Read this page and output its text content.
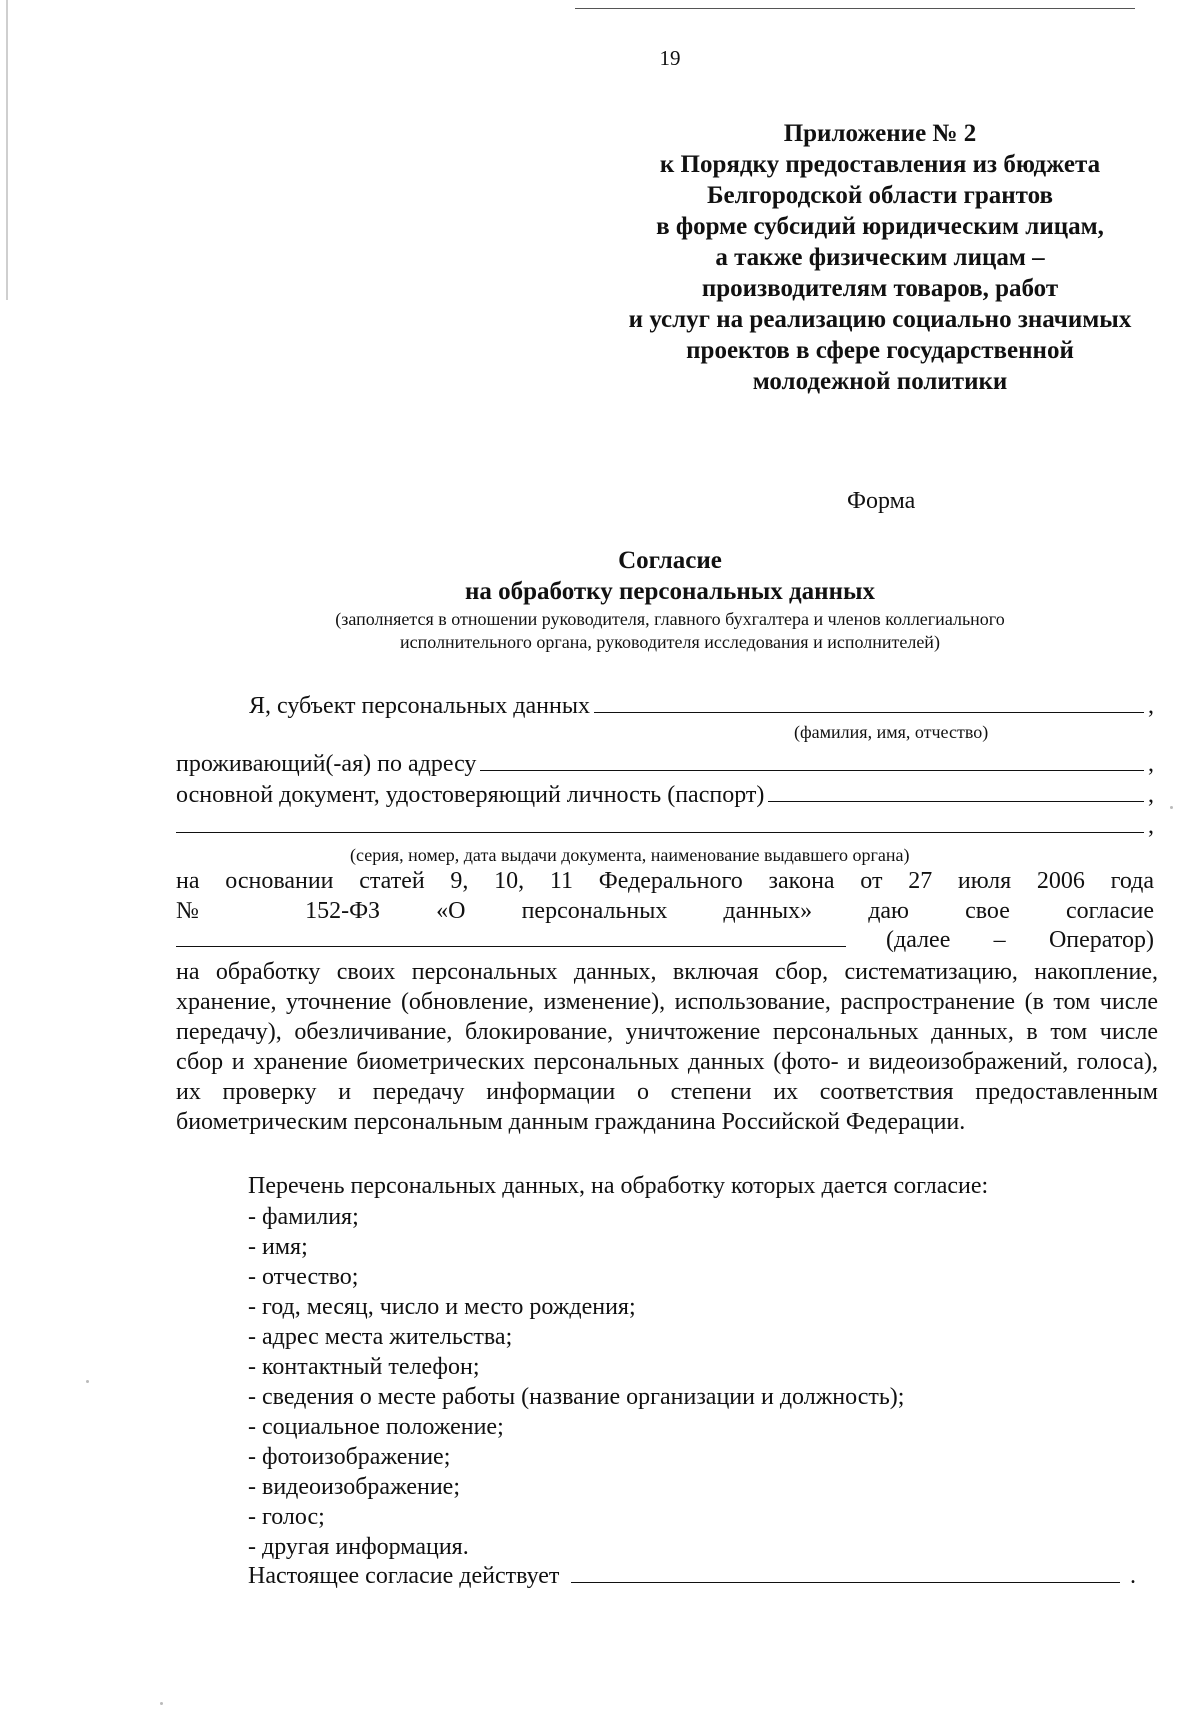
19
Приложение № 2
к Порядку предоставления из бюджета
Белгородской области грантов
в форме субсидий юридическим лицам,
а также физическим лицам –
производителям товаров, работ
и услуг на реализацию социально значимых
проектов в сфере государственной
молодежной политики
Форма
Согласие
на обработку персональных данных
(заполняется в отношении руководителя, главного бухгалтера и членов коллегиального
исполнительного органа, руководителя исследования и исполнителей)
Я, субъект персональных данных	,
(фамилия, имя, отчество)
проживающий(-ая) по адресу	,
основной документ, удостоверяющий личность (паспорт)	,
,
(серия, номер, дата выдачи документа, наименование выдавшего органа)
на основании статей 9, 10, 11 Федерального закона от 27 июля 2006 года
№ 152-ФЗ «О персональных данных» даю свое согласие
(далее – Оператор)
на обработку своих персональных данных, включая сбор, систематизацию, накопление, хранение, уточнение (обновление, изменение), использование, распространение (в том числе передачу), обезличивание, блокирование, уничтожение персональных данных, в том числе сбор и хранение биометрических персональных данных (фото- и видеоизображений, голоса), их проверку и передачу информации о степени их соответствия предоставленным биометрическим персональным данным гражданина Российской Федерации.
Перечень персональных данных, на обработку которых дается согласие:
- фамилия;
- имя;
- отчество;
- год, месяц, число и место рождения;
- адрес места жительства;
- контактный телефон;
- сведения о месте работы (название организации и должность);
- социальное положение;
- фотоизображение;
- видеоизображение;
- голос;
- другая информация.
Настоящее согласие действует	.
